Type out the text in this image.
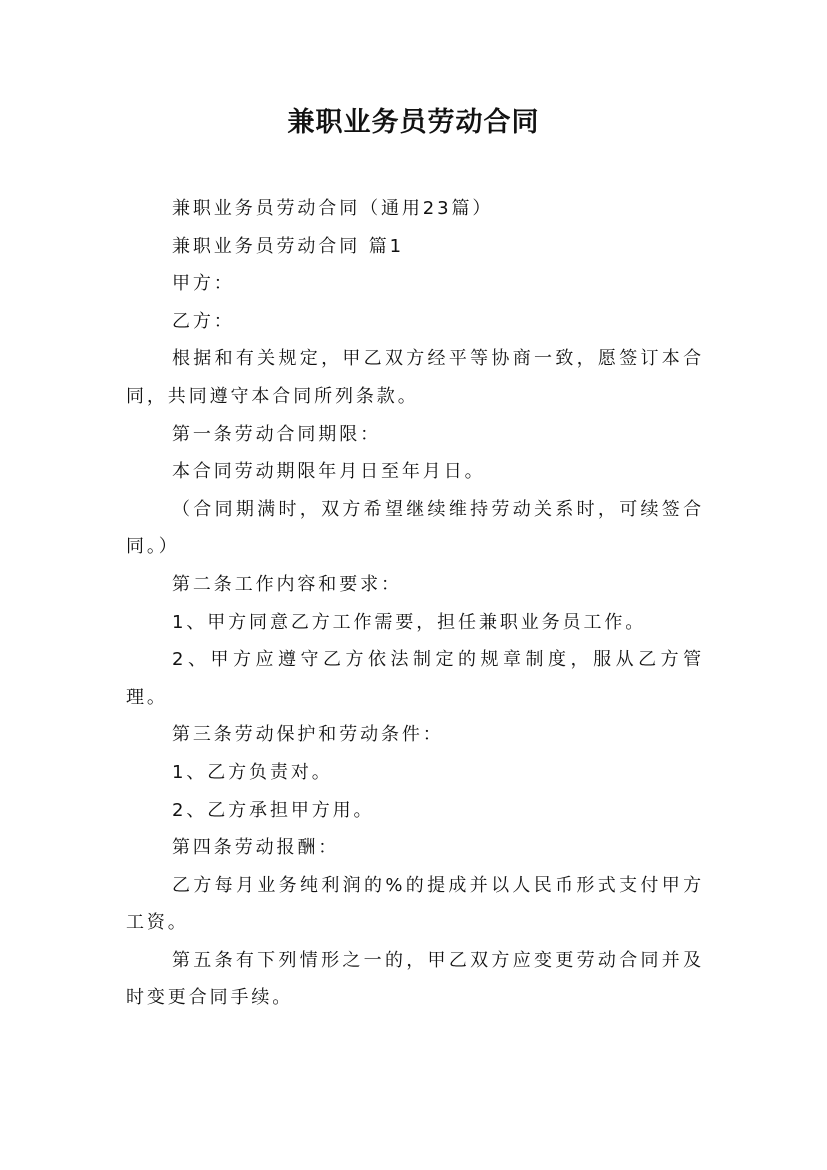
兼职业务员劳动合同

兼职业务员劳动合同（通用23篇）

兼职业务员劳动合同 篇1

甲方：

乙方：

根据和有关规定，甲乙双方经平等协商一致，愿签订本合同，共同遵守本合同所列条款。

第一条劳动合同期限：

本合同劳动期限年月日至年月日。

（合同期满时，双方希望继续维持劳动关系时，可续签合同。）

第二条工作内容和要求：

1、甲方同意乙方工作需要，担任兼职业务员工作。

2、甲方应遵守乙方依法制定的规章制度，服从乙方管理。

第三条劳动保护和劳动条件：

1、乙方负责对。

2、乙方承担甲方用。

第四条劳动报酬：

乙方每月业务纯利润的%的提成并以人民币形式支付甲方工资。

第五条有下列情形之一的，甲乙双方应变更劳动合同并及时变更合同手续。
